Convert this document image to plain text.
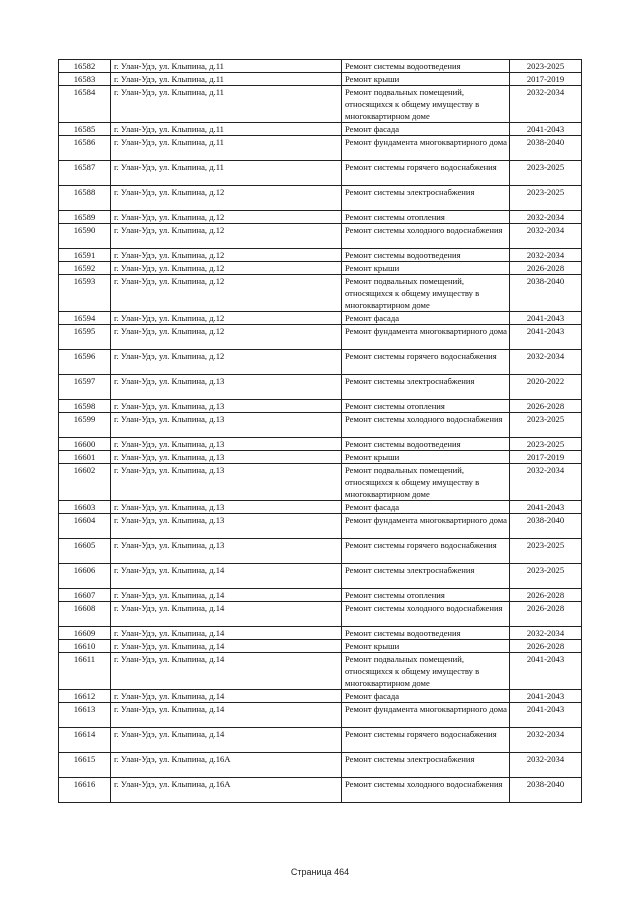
16582	г. Улан-Удэ, ул. Клыпина, д.11	Ремонт системы водоотведения	2023-2025
16583	г. Улан-Удэ, ул. Клыпина, д.11	Ремонт крыши	2017-2019
16584	г. Улан-Удэ, ул. Клыпина, д.11	Ремонт подвальных помещений, относящихся к общему имуществу в многоквартирном доме	2032-2034
16585	г. Улан-Удэ, ул. Клыпина, д.11	Ремонт фасада	2041-2043
16586	г. Улан-Удэ, ул. Клыпина, д.11	Ремонт фундамента многоквартирного дома	2038-2040
16587	г. Улан-Удэ, ул. Клыпина, д.11	Ремонт системы горячего водоснабжения	2023-2025
16588	г. Улан-Удэ, ул. Клыпина, д.12	Ремонт системы электроснабжения	2023-2025
16589	г. Улан-Удэ, ул. Клыпина, д.12	Ремонт системы отопления	2032-2034
16590	г. Улан-Удэ, ул. Клыпина, д.12	Ремонт системы холодного водоснабжения	2032-2034
16591	г. Улан-Удэ, ул. Клыпина, д.12	Ремонт системы водоотведения	2032-2034
16592	г. Улан-Удэ, ул. Клыпина, д.12	Ремонт крыши	2026-2028
16593	г. Улан-Удэ, ул. Клыпина, д.12	Ремонт подвальных помещений, относящихся к общему имуществу в многоквартирном доме	2038-2040
16594	г. Улан-Удэ, ул. Клыпина, д.12	Ремонт фасада	2041-2043
16595	г. Улан-Удэ, ул. Клыпина, д.12	Ремонт фундамента многоквартирного дома	2041-2043
16596	г. Улан-Удэ, ул. Клыпина, д.12	Ремонт системы горячего водоснабжения	2032-2034
16597	г. Улан-Удэ, ул. Клыпина, д.13	Ремонт системы электроснабжения	2020-2022
16598	г. Улан-Удэ, ул. Клыпина, д.13	Ремонт системы отопления	2026-2028
16599	г. Улан-Удэ, ул. Клыпина, д.13	Ремонт системы холодного водоснабжения	2023-2025
16600	г. Улан-Удэ, ул. Клыпина, д.13	Ремонт системы водоотведения	2023-2025
16601	г. Улан-Удэ, ул. Клыпина, д.13	Ремонт крыши	2017-2019
16602	г. Улан-Удэ, ул. Клыпина, д.13	Ремонт подвальных помещений, относящихся к общему имуществу в многоквартирном доме	2032-2034
16603	г. Улан-Удэ, ул. Клыпина, д.13	Ремонт фасада	2041-2043
16604	г. Улан-Удэ, ул. Клыпина, д.13	Ремонт фундамента многоквартирного дома	2038-2040
16605	г. Улан-Удэ, ул. Клыпина, д.13	Ремонт системы горячего водоснабжения	2023-2025
16606	г. Улан-Удэ, ул. Клыпина, д.14	Ремонт системы электроснабжения	2023-2025
16607	г. Улан-Удэ, ул. Клыпина, д.14	Ремонт системы отопления	2026-2028
16608	г. Улан-Удэ, ул. Клыпина, д.14	Ремонт системы холодного водоснабжения	2026-2028
16609	г. Улан-Удэ, ул. Клыпина, д.14	Ремонт системы водоотведения	2032-2034
16610	г. Улан-Удэ, ул. Клыпина, д.14	Ремонт крыши	2026-2028
16611	г. Улан-Удэ, ул. Клыпина, д.14	Ремонт подвальных помещений, относящихся к общему имуществу в многоквартирном доме	2041-2043
16612	г. Улан-Удэ, ул. Клыпина, д.14	Ремонт фасада	2041-2043
16613	г. Улан-Удэ, ул. Клыпина, д.14	Ремонт фундамента многоквартирного дома	2041-2043
16614	г. Улан-Удэ, ул. Клыпина, д.14	Ремонт системы горячего водоснабжения	2032-2034
16615	г. Улан-Удэ, ул. Клыпина, д.16А	Ремонт системы электроснабжения	2032-2034
16616	г. Улан-Удэ, ул. Клыпина, д.16А	Ремонт системы холодного водоснабжения	2038-2040
Страница 464
